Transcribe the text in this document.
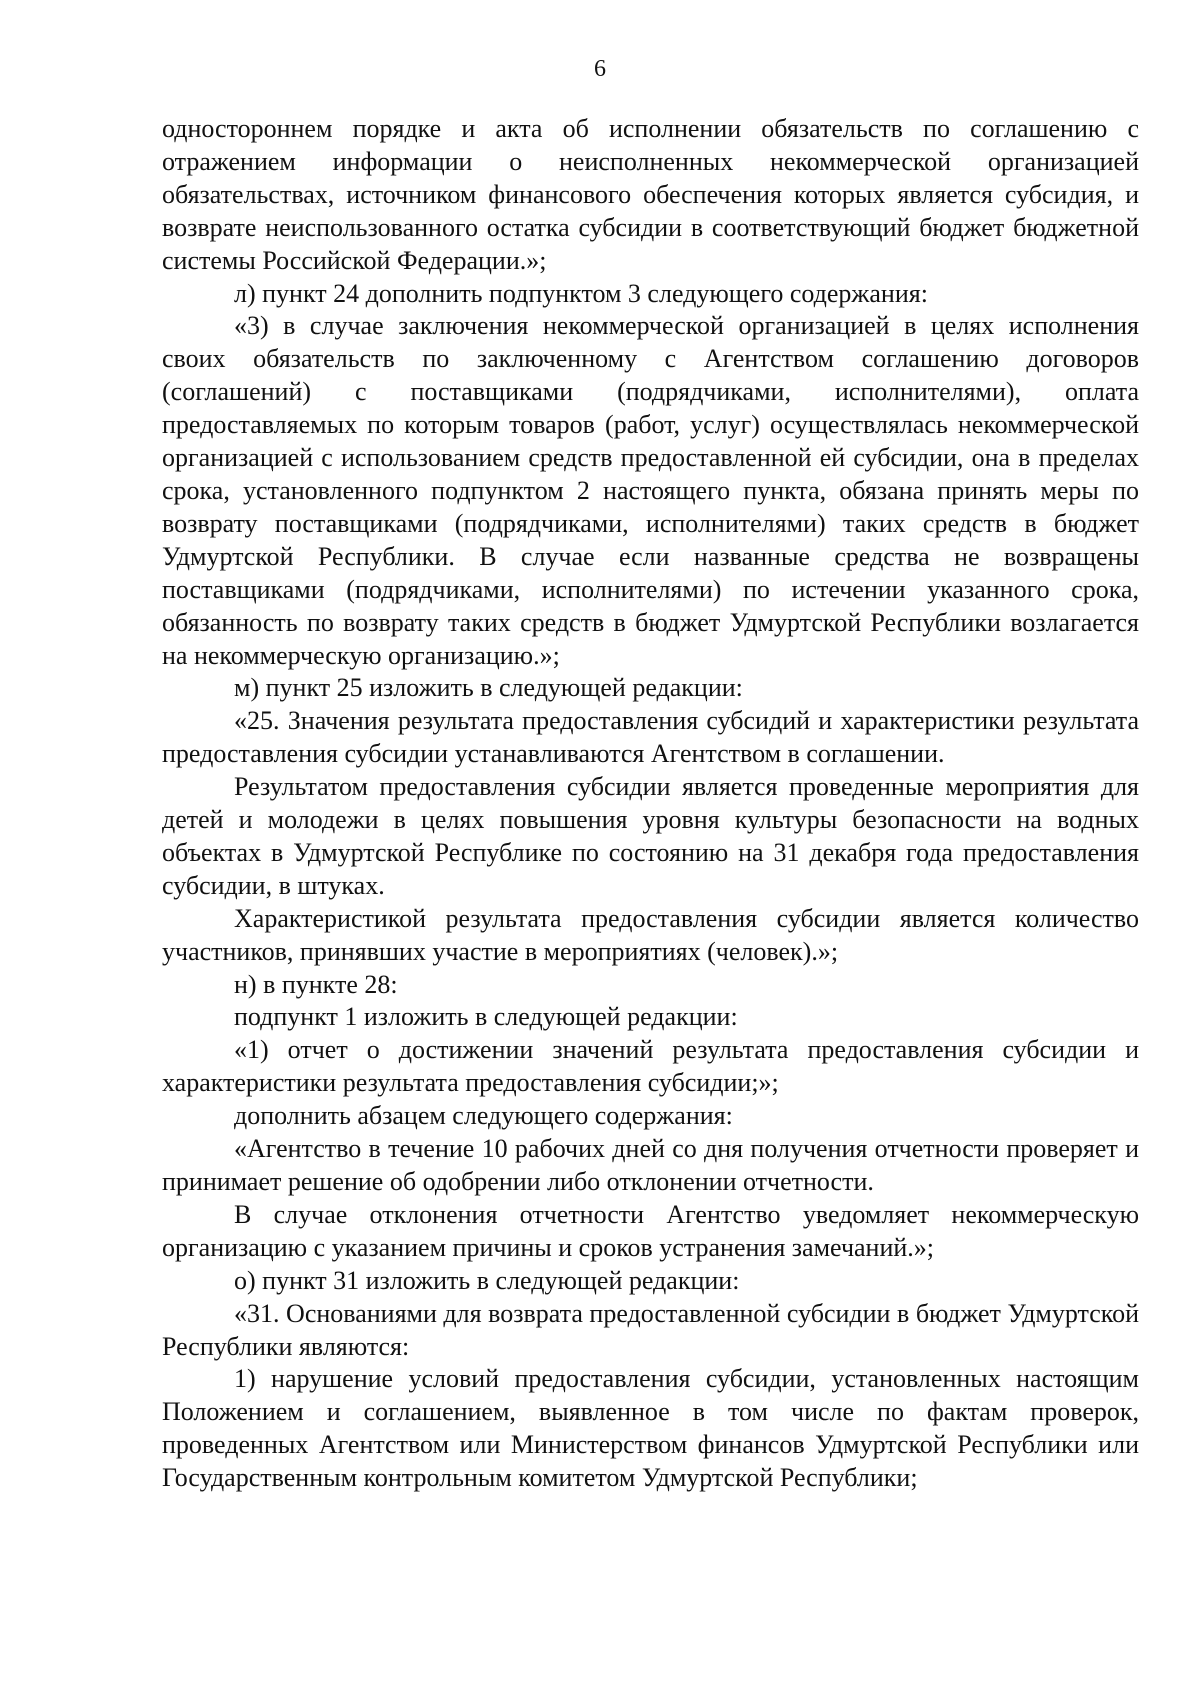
6

одностороннем порядке и акта об исполнении обязательств по соглашению с отражением информации о неисполненных некоммерческой организацией обязательствах, источником финансового обеспечения которых является субсидия, и возврате неиспользованного остатка субсидии в соответствующий бюджет бюджетной системы Российской Федерации.»;

л) пункт 24 дополнить подпунктом 3 следующего содержания:

«3) в случае заключения некоммерческой организацией в целях исполнения своих обязательств по заключенному с Агентством соглашению договоров (соглашений) с поставщиками (подрядчиками, исполнителями), оплата предоставляемых по которым товаров (работ, услуг) осуществлялась некоммерческой организацией с использованием средств предоставленной ей субсидии, она в пределах срока, установленного подпунктом 2 настоящего пункта, обязана принять меры по возврату поставщиками (подрядчиками, исполнителями) таких средств в бюджет Удмуртской Республики. В случае если названные средства не возвращены поставщиками (подрядчиками, исполнителями) по истечении указанного срока, обязанность по возврату таких средств в бюджет Удмуртской Республики возлагается на некоммерческую организацию.»;

м) пункт 25 изложить в следующей редакции:

«25. Значения результата предоставления субсидий и характеристики результата предоставления субсидии устанавливаются Агентством в соглашении.

Результатом предоставления субсидии является проведенные мероприятия для детей и молодежи в целях повышения уровня культуры безопасности на водных объектах в Удмуртской Республике по состоянию на 31 декабря года предоставления субсидии, в штуках.

Характеристикой результата предоставления субсидии является количество участников, принявших участие в мероприятиях (человек).»;

н) в пункте 28:

подпункт 1 изложить в следующей редакции:

«1) отчет о достижении значений результата предоставления субсидии и характеристики результата предоставления субсидии;»;

дополнить абзацем следующего содержания:

«Агентство в течение 10 рабочих дней со дня получения отчетности проверяет и принимает решение об одобрении либо отклонении отчетности.

В случае отклонения отчетности Агентство уведомляет некоммерческую организацию с указанием причины и сроков устранения замечаний.»;

о) пункт 31 изложить в следующей редакции:

«31. Основаниями для возврата предоставленной субсидии в бюджет Удмуртской Республики являются:

1) нарушение условий предоставления субсидии, установленных настоящим Положением и соглашением, выявленное в том числе по фактам проверок, проведенных Агентством или Министерством финансов Удмуртской Республики или Государственным контрольным комитетом Удмуртской Республики;
